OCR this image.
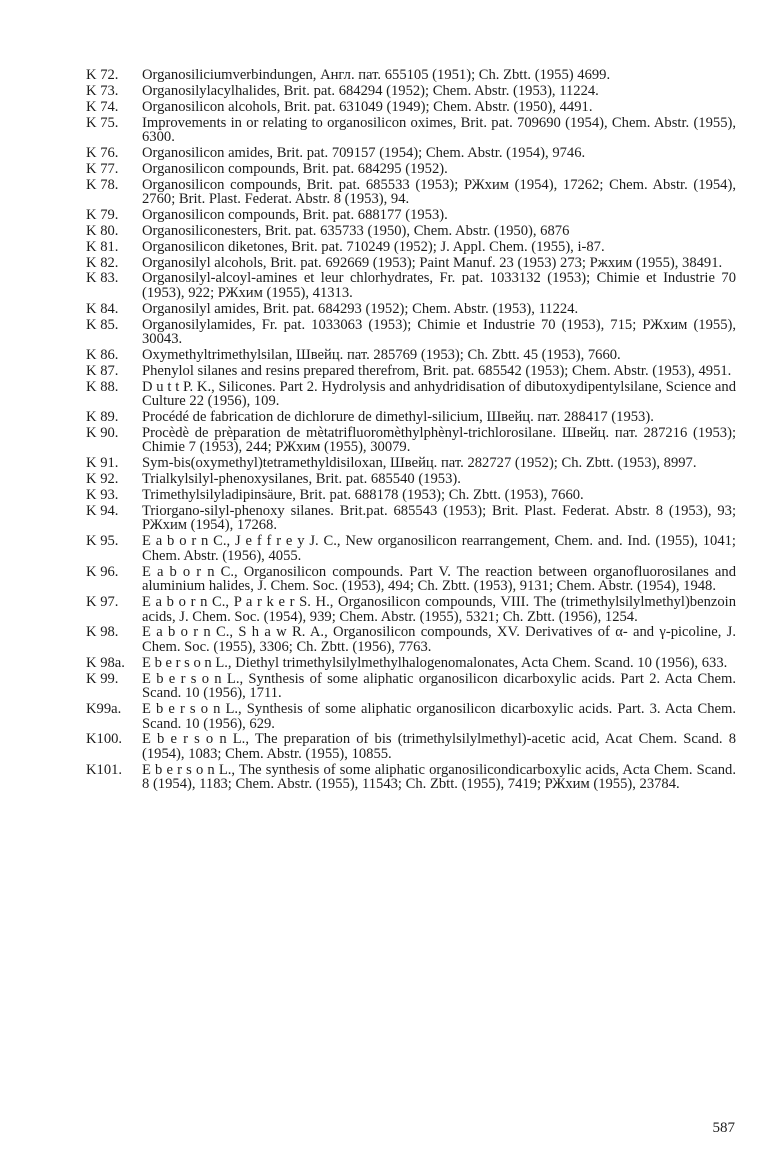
K 72.	Organosiliciumverbindungen, Англ. пат. 655105 (1951); Ch. Zbtt. (1955) 4699.
K 73.	Organosilylacylhalides, Brit. pat. 684294 (1952); Chem. Abstr. (1953), 11224.
K 74.	Organosilicon alcohols, Brit. pat. 631049 (1949); Chem. Abstr. (1950), 4491.
K 75.	Improvements in or relating to organosilicon oximes, Brit. pat. 709690 (1954), Chem. Abstr. (1955), 6300.
K 76.	Organosilicon amides, Brit. pat. 709157 (1954); Chem. Abstr. (1954), 9746.
K 77.	Organosilicon compounds, Brit. pat. 684295 (1952).
K 78.	Organosilicon compounds, Brit. pat. 685533 (1953); РЖхим (1954), 17262; Chem. Abstr. (1954), 2760; Brit. Plast. Federat. Abstr. 8 (1953), 94.
K 79.	Organosilicon compounds, Brit. pat. 688177 (1953).
K 80.	Organosiliconesters, Brit. pat. 635733 (1950), Chem. Abstr. (1950), 6876
K 81.	Organosilicon diketones, Brit. pat. 710249 (1952); J. Appl. Chem. (1955), i-87.
K 82.	Organosilyl alcohols, Brit. pat. 692669 (1953); Paint Manuf. 23 (1953) 273; Ржхим (1955), 38491.
K 83.	Organosilyl-alcoyl-amines et leur chlorhydrates, Fr. pat. 1033132 (1953); Chimie et Industrie 70 (1953), 922; РЖхим (1955), 41313.
K 84.	Organosilyl amides, Brit. pat. 684293 (1952); Chem. Abstr. (1953), 11224.
K 85.	Organosilylamides, Fr. pat. 1033063 (1953); Chimie et Industrie 70 (1953), 715; РЖхим (1955), 30043.
K 86.	Oxymethyltrimethylsilan, Швейц. пат. 285769 (1953); Ch. Zbtt. 45 (1953), 7660.
K 87.	Phenylol silanes and resins prepared therefrom, Brit. pat. 685542 (1953); Chem. Abstr. (1953), 4951.
K 88.	D u t t P. K., Silicones. Part 2. Hydrolysis and anhydridisation of dibutoxydipentylsilane, Science and Culture 22 (1956), 109.
K 89.	Procédé de fabrication de dichlorure de dimethyl-silicium, Швейц. пат. 288417 (1953).
K 90.	Procèdè de prèparation de mètatrifluoromèthylphènyl-trichlorosilane. Швейц. пат. 287216 (1953); Chimie 7 (1953), 244; РЖхим (1955), 30079.
K 91.	Sym-bis(oxymethyl)tetramethyldisiloxan, Швейц. пат. 282727 (1952); Ch. Zbtt. (1953), 8997.
K 92.	Trialkylsilyl-phenoxysilanes, Brit. pat. 685540 (1953).
K 93.	Trimethylsilyladipinsäure, Brit. pat. 688178 (1953); Ch. Zbtt. (1953), 7660.
K 94.	Triorgano-silyl-phenoxy silanes. Brit.pat. 685543 (1953); Brit. Plast. Federat. Abstr. 8 (1953), 93; РЖхим (1954), 17268.
K 95.	E a b o r n C., J e f f r e y J. C., New organosilicon rearrangement, Chem. and. Ind. (1955), 1041; Chem. Abstr. (1956), 4055.
K 96.	E a b o r n C., Organosilicon compounds. Part V. The reaction between organofluorosilanes and aluminium halides, J. Chem. Soc. (1953), 494; Ch. Zbtt. (1953), 9131; Chem. Abstr. (1954), 1948.
K 97.	E a b o r n C., P a r k e r S. H., Organosilicon compounds, VIII. The (trimethylsilylmethyl)benzoin acids, J. Chem. Soc. (1954), 939; Chem. Abstr. (1955), 5321; Ch. Zbtt. (1956), 1254.
K 98.	E a b o r n C., S h a w R. A., Organosilicon compounds, XV. Derivatives of α- and γ-picoline, J. Chem. Soc. (1955), 3306; Ch. Zbtt. (1956), 7763.
K 98a.	E b e r s o n L., Diethyl trimethylsilylmethylhalogenomalonates, Acta Chem. Scand. 10 (1956), 633.
K 99.	E b e r s o n L., Synthesis of some aliphatic organosilicon dicarboxylic acids. Part 2. Acta Chem. Scand. 10 (1956), 1711.
K99a.	E b e r s o n L., Synthesis of some aliphatic organosilicon dicarboxylic acids. Part. 3. Acta Chem. Scand. 10 (1956), 629.
K100.	E b e r s o n L., The preparation of bis (trimethylsilylmethyl)-acetic acid, Acat Chem. Scand. 8 (1954), 1083; Chem. Abstr. (1955), 10855.
K101.	E b e r s o n L., The synthesis of some aliphatic organosilicondicarboxylic acids, Acta Chem. Scand. 8 (1954), 1183; Chem. Abstr. (1955), 11543; Ch. Zbtt. (1955), 7419; РЖхим (1955), 23784.
587
